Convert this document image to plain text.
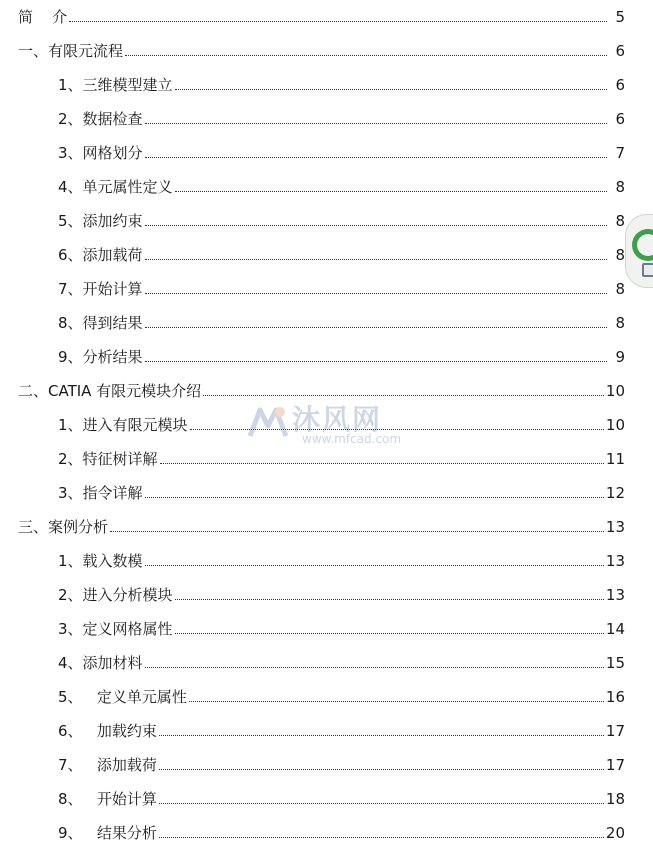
简    介	5
一、有限元流程	6
1、三维模型建立	6
2、数据检查	6
3、网格划分	7
4、单元属性定义	8
5、添加约束	8
6、添加载荷	8
7、开始计算	8
8、得到结果	8
9、分析结果	9
二、CATIA 有限元模块介绍	10
1、进入有限元模块	10
2、特征树详解	11
3、指令详解	12
三、案例分析	13
1、载入数模	13
2、进入分析模块	13
3、定义网格属性	14
4、添加材料	15
5、   定义单元属性	16
6、   加载约束	17
7、   添加载荷	17
8、   开始计算	18
9、   结果分析	20
沐风网
www.mfcad.com
